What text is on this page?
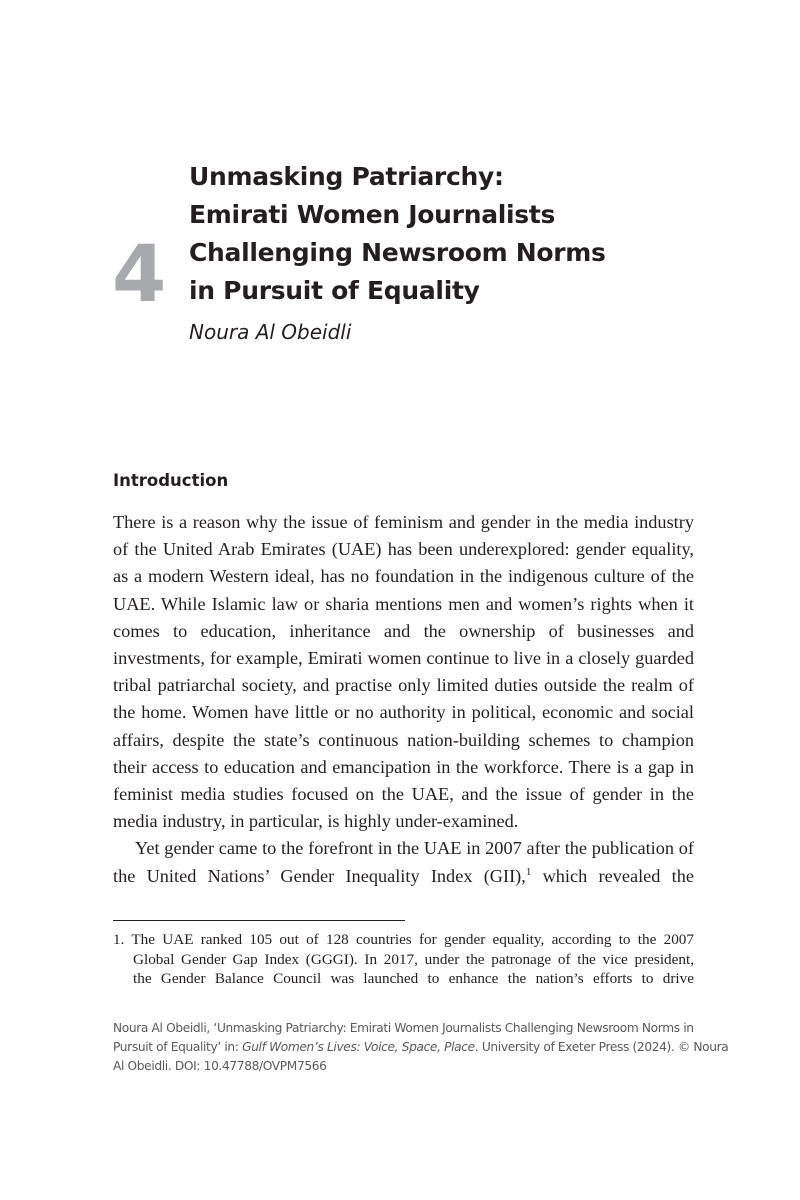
4
Unmasking Patriarchy:
Emirati Women Journalists
Challenging Newsroom Norms
in Pursuit of Equality
Noura Al Obeidli
Introduction

There is a reason why the issue of feminism and gender in the media industry of the United Arab Emirates (UAE) has been underexplored: gender equality, as a modern Western ideal, has no foundation in the indigenous culture of the UAE. While Islamic law or sharia mentions men and women’s rights when it comes to education, inheritance and the ownership of businesses and investments, for example, Emirati women continue to live in a closely guarded tribal patriarchal society, and practise only limited duties outside the realm of the home. Women have little or no authority in political, economic and social affairs, despite the state’s continuous nation-building schemes to champion their access to education and emancipation in the workforce. There is a gap in feminist media studies focused on the UAE, and the issue of gender in the media industry, in particular, is highly under-examined.

Yet gender came to the forefront in the UAE in 2007 after the publication of the United Nations’ Gender Inequality Index (GII),$^1$ which revealed the

1. The UAE ranked 105 out of 128 countries for gender equality, according to the 2007
Global Gender Gap Index (GGGI). In 2017, under the patronage of the vice president,
the Gender Balance Council was launched to enhance the nation’s efforts to drive
Noura Al Obeidli, ‘Unmasking Patriarchy: Emirati Women Journalists Challenging Newsroom Norms in
Pursuit of Equality’ in: Gulf Women’s Lives: Voice, Space, Place. University of Exeter Press (2024). © Noura
Al Obeidli. DOI: 10.47788/OVPM7566
